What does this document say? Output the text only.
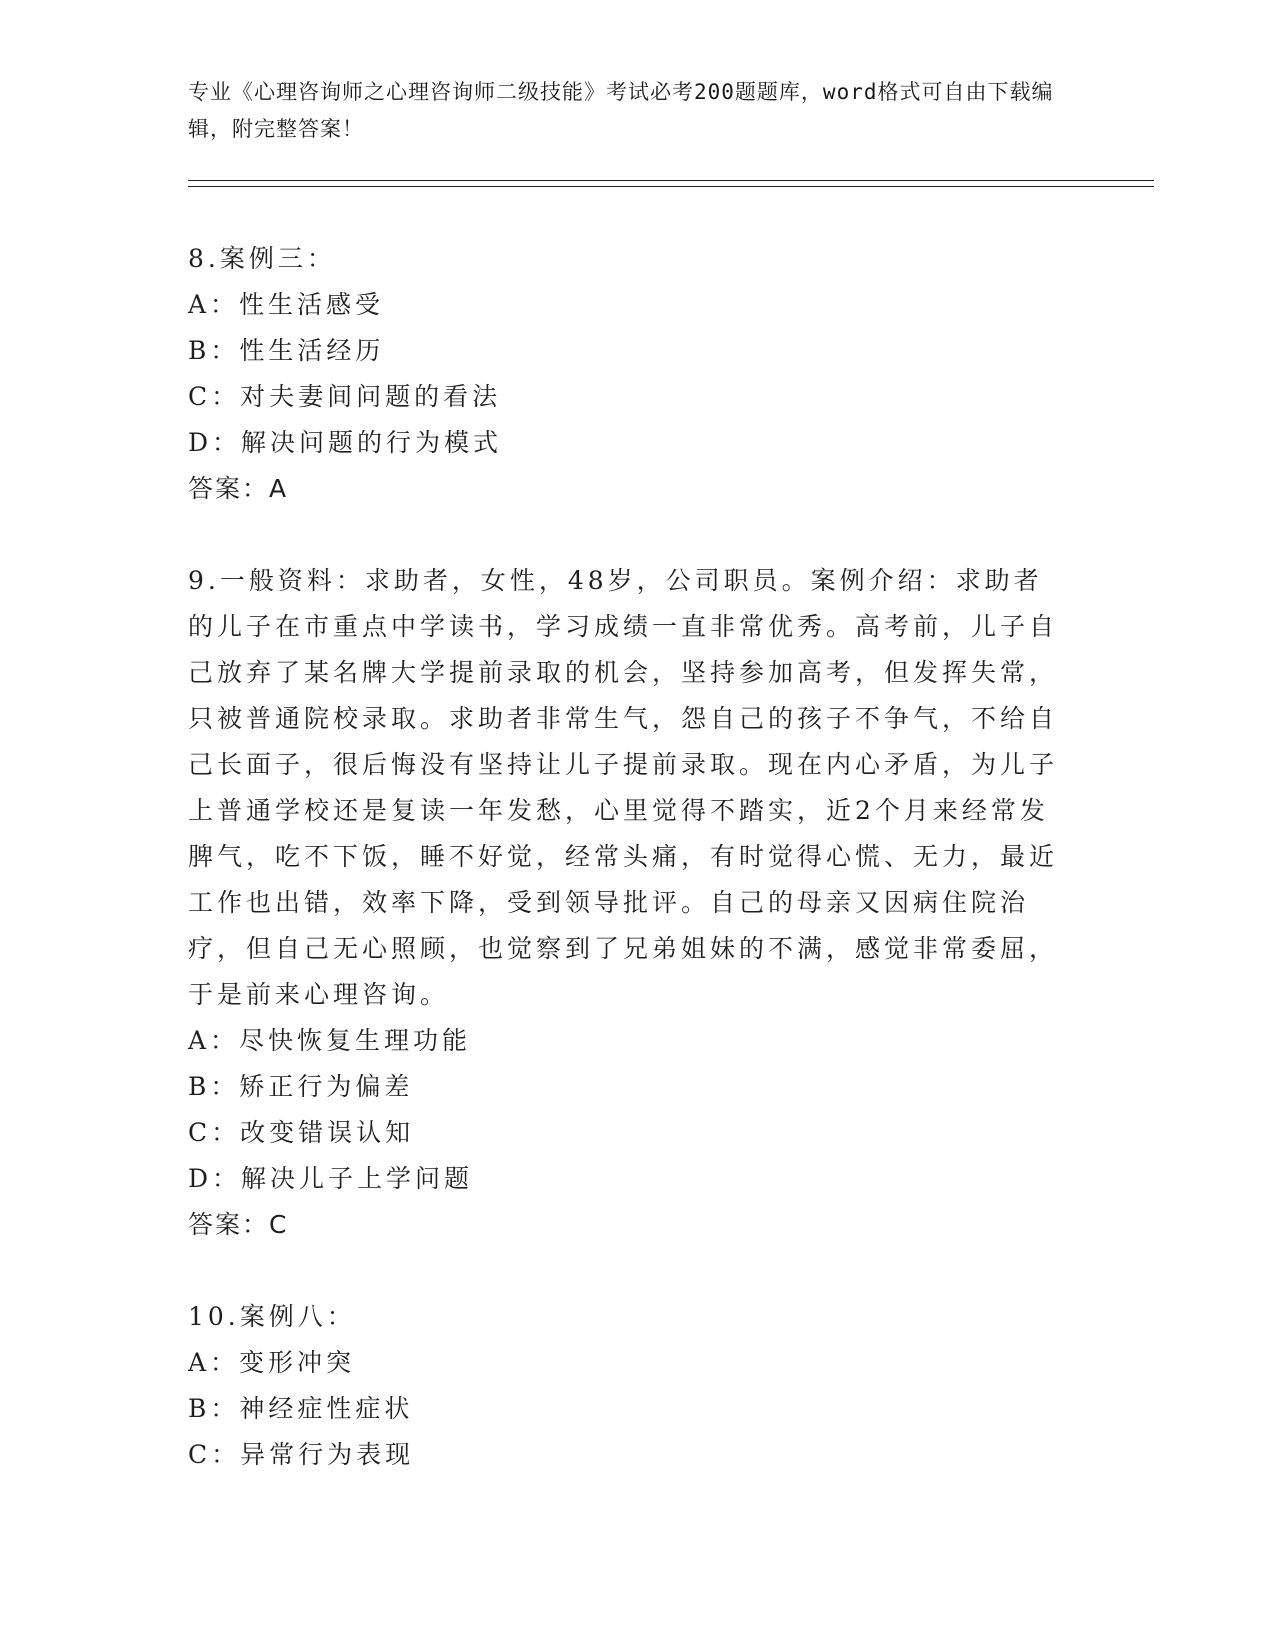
专业《心理咨询师之心理咨询师二级技能》考试必考200题题库，word格式可自由下载编辑，附完整答案！

8.案例三：

A：性生活感受

B：性生活经历

C：对夫妻间问题的看法

D：解决问题的行为模式

答案：A

9.一般资料：求助者，女性，48岁，公司职员。案例介绍：求助者的儿子在市重点中学读书，学习成绩一直非常优秀。高考前，儿子自己放弃了某名牌大学提前录取的机会，坚持参加高考，但发挥失常，只被普通院校录取。求助者非常生气，怨自己的孩子不争气，不给自己长面子，很后悔没有坚持让儿子提前录取。现在内心矛盾，为儿子上普通学校还是复读一年发愁，心里觉得不踏实，近2个月来经常发脾气，吃不下饭，睡不好觉，经常头痛，有时觉得心慌、无力，最近工作也出错，效率下降，受到领导批评。自己的母亲又因病住院治疗，但自己无心照顾，也觉察到了兄弟姐妹的不满，感觉非常委屈，于是前来心理咨询。

A：尽快恢复生理功能

B：矫正行为偏差

C：改变错误认知

D：解决儿子上学问题

答案：C

10.案例八：

A：变形冲突

B：神经症性症状

C：异常行为表现
